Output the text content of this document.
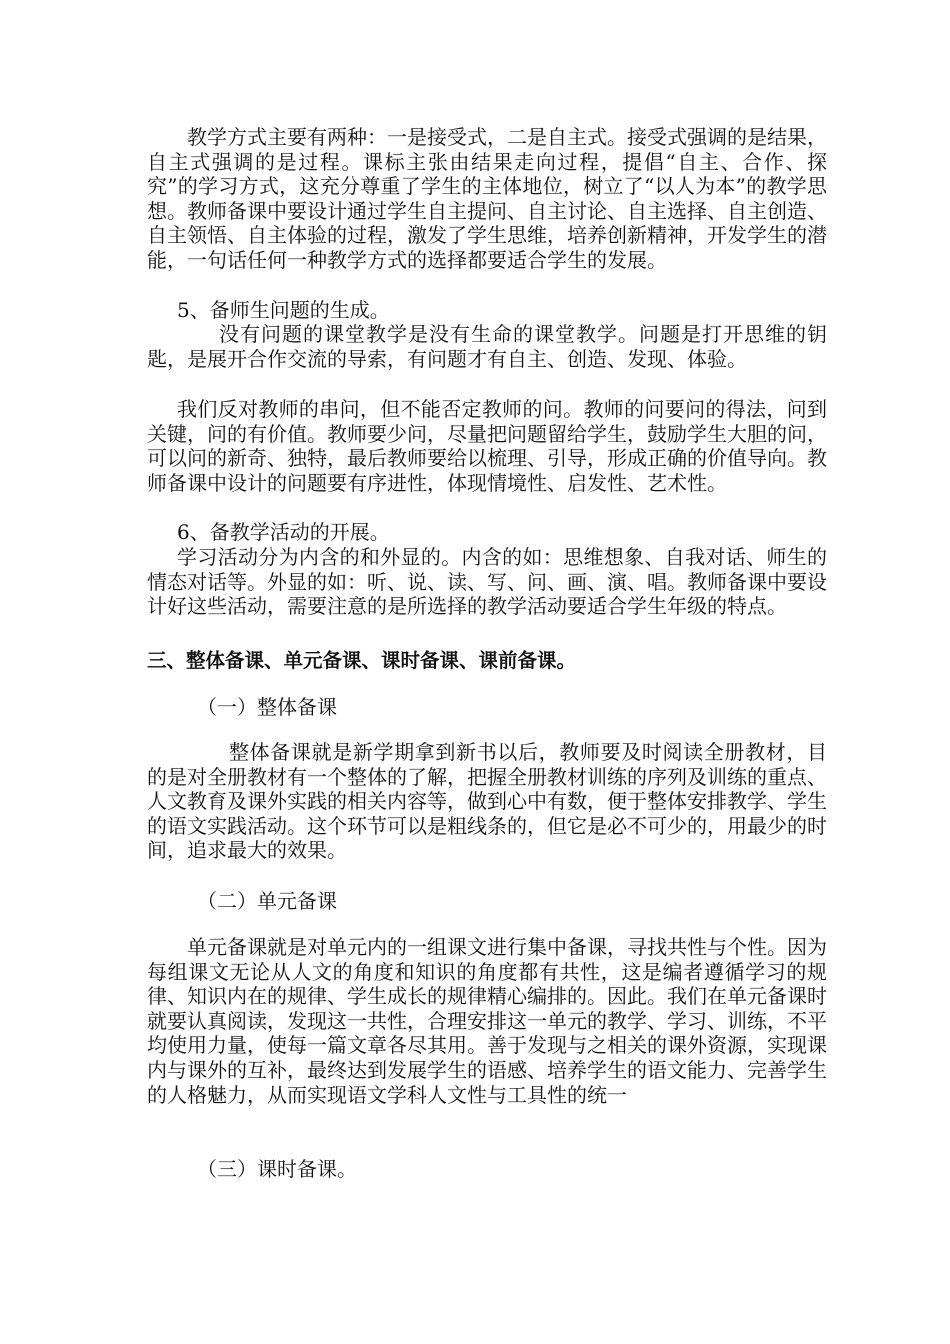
教学方式主要有两种：一是接受式，二是自主式。接受式强调的是结果，自主式强调的是过程。课标主张由结果走向过程，提倡“自主、合作、探究”的学习方式，这充分尊重了学生的主体地位，树立了“以人为本”的教学思想。教师备课中要设计通过学生自主提问、自主讨论、自主选择、自主创造、自主领悟、自主体验的过程，激发了学生思维，培养创新精神，开发学生的潜能，一句话任何一种教学方式的选择都要适合学生的发展。

5、备师生问题的生成。

没有问题的课堂教学是没有生命的课堂教学。问题是打开思维的钥匙，是展开合作交流的导索，有问题才有自主、创造、发现、体验。

我们反对教师的串问，但不能否定教师的问。教师的问要问的得法，问到关键，问的有价值。教师要少问，尽量把问题留给学生，鼓励学生大胆的问，可以问的新奇、独特，最后教师要给以梳理、引导，形成正确的价值导向。教师备课中设计的问题要有序进性，体现情境性、启发性、艺术性。

6、备教学活动的开展。

学习活动分为内含的和外显的。内含的如：思维想象、自我对话、师生的情态对话等。外显的如：听、说、读、写、问、画、演、唱。教师备课中要设计好这些活动，需要注意的是所选择的教学活动要适合学生年级的特点。

三、整体备课、单元备课、课时备课、课前备课。

（一）整体备课

整体备课就是新学期拿到新书以后，教师要及时阅读全册教材，目的是对全册教材有一个整体的了解，把握全册教材训练的序列及训练的重点、人文教育及课外实践的相关内容等，做到心中有数，便于整体安排教学、学生的语文实践活动。这个环节可以是粗线条的，但它是必不可少的，用最少的时间，追求最大的效果。

（二）单元备课

单元备课就是对单元内的一组课文进行集中备课，寻找共性与个性。因为每组课文无论从人文的角度和知识的角度都有共性，这是编者遵循学习的规律、知识内在的规律、学生成长的规律精心编排的。因此。我们在单元备课时就要认真阅读，发现这一共性，合理安排这一单元的教学、学习、训练，不平均使用力量，使每一篇文章各尽其用。善于发现与之相关的课外资源，实现课内与课外的互补，最终达到发展学生的语感、培养学生的语文能力、完善学生的人格魅力，从而实现语文学科人文性与工具性的统一

（三）课时备课。
